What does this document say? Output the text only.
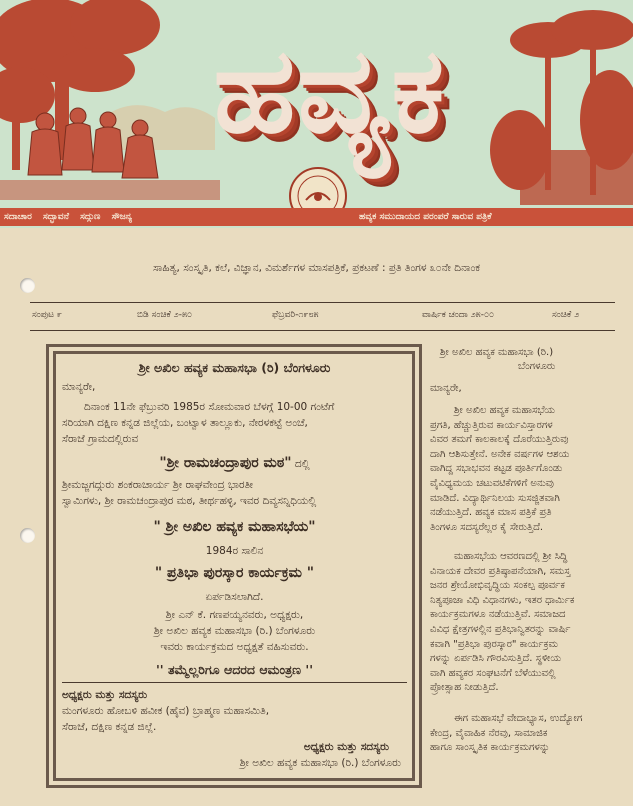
ಹವ್ಯಕ
ಸದಾಚಾರ ಸದ್ಭಾವನೆ ಸದ್ಗುಣ ಸೌಜನ್ಯ	ಹವ್ಯಕ ಸಮುದಾಯದ ಪರಂಪರೆ ಸಾರುವ ಪತ್ರಿಕೆ
ಸಾಹಿತ್ಯ, ಸಂಸ್ಕೃತಿ, ಕಲೆ, ವಿಜ್ಞಾನ, ವಿಮರ್ಶೆಗಳ ಮಾಸಪತ್ರಿಕೆ, ಪ್ರಕಟಣೆ : ಪ್ರತಿ ತಿಂಗಳ ೩೦ನೇ ದಿನಾಂಕ
ಸಂಪುಟ ೯	ಬಿಡಿ ಸಂಚಿಕೆ ೨-೫೦	ಫೆಬ್ರವರಿ-೧೯೮೫	ವಾರ್ಷಿಕ ಚಂದಾ ೨೫-೦೦	ಸಂಚಿಕೆ ೨
ಶ್ರೀ ಅಖಿಲ ಹವ್ಯಕ ಮಹಾಸಭಾ (ರಿ) ಬೆಂಗಳೂರು
ಮಾನ್ಯರೇ,
ದಿನಾಂಕ 11ನೇ ಫೆಬ್ರುವರಿ 1985ರ ಸೋಮವಾರ ಬೆಳಗ್ಗೆ 10-00 ಗಂಟೆಗೆ
ಸರಿಯಾಗಿ ದಕ್ಷಿಣ ಕನ್ನಡ ಜಿಲ್ಲೆಯ, ಬಂಟ್ವಾಳ ತಾಲ್ಲೂಕು, ನೇರಳಕಟ್ಟೆ ಅಂಚೆ,
ಸೆರಾಜೆ ಗ್ರಾಮದಲ್ಲಿರುವ
"ಶ್ರೀ ರಾಮಚಂದ್ರಾಪುರ ಮಠ" ದಲ್ಲಿ
ಶ್ರೀಮಜ್ಜಗದ್ಗುರು ಶಂಕರಾಚಾರ್ಯ ಶ್ರೀ ರಾಘವೇಂದ್ರ ಭಾರತೀ
ಸ್ವಾಮಿಗಳು, ಶ್ರೀ ರಾಮಚಂದ್ರಾಪುರ ಮಠ, ತೀರ್ಥಹಳ್ಳಿ, ಇವರ ದಿವ್ಯಸನ್ನಿಧಿಯಲ್ಲಿ
" ಶ್ರೀ ಅಖಿಲ ಹವ್ಯಕ ಮಹಾಸಭೆಯ"
1984ರ ಸಾಲಿನ
" ಪ್ರತಿಭಾ ಪುರಸ್ಕಾರ ಕಾರ್ಯಕ್ರಮ "
ಏರ್ಪಡಿಸಲಾಗಿದೆ.
ಶ್ರೀ ಎನ್ ಕೆ. ಗಣಪಯ್ಯನವರು, ಅಧ್ಯಕ್ಷರು,
ಶ್ರೀ ಅಖಿಲ ಹವ್ಯಕ ಮಹಾಸಭಾ (ರಿ.) ಬೆಂಗಳೂರು
ಇವರು ಕಾರ್ಯಕ್ರಮದ ಅಧ್ಯಕ್ಷತೆ ವಹಿಸುವರು.
'' ತಮ್ಮೆಲ್ಲರಿಗೂ ಆದರದ ಆಮಂತ್ರಣ ''
ಅಧ್ಯಕ್ಷರು ಮತ್ತು ಸದಸ್ಯರು
ಮಂಗಳೂರು ಹೋಬಳಿ ಹವೀಕ (ಹೈವ) ಬ್ರಾಹ್ಮಣ ಮಹಾಸಮಿತಿ,
ಸೆರಾಜೆ, ದಕ್ಷಿಣ ಕನ್ನಡ ಜಿಲ್ಲೆ.
ಅಧ್ಯಕ್ಷರು ಮತ್ತು ಸದಸ್ಯರು
ಶ್ರೀ ಅಖಿಲ ಹವ್ಯಕ ಮಹಾಸಭಾ (ರಿ.) ಬೆಂಗಳೂರು
ಶ್ರೀ ಅಖಿಲ ಹವ್ಯಕ ಮಹಾಸಭಾ (ರಿ.)
ಬೆಂಗಳೂರು
ಮಾನ್ಯರೇ,
ಶ್ರೀ ಅಖಿಲ ಹವ್ಯಕ ಮಹಾಸಭೆಯ
ಪ್ರಗತಿ, ಹೆಚ್ಚುತ್ತಿರುವ ಕಾರ್ಯವಿಸ್ತಾರಗಳ
ವಿವರ ತಮಗೆ ಕಾಲಕಾಲಕ್ಕೆ ದೊರೆಯುತ್ತಿರುವು
ದಾಗಿ ಆಶಿಸುತ್ತೇನೆ. ಅನೇಕ ವರ್ಷಗಳ ಆಶಯ
ವಾಗಿದ್ದ ಸಭಾಭವನ ಕಟ್ಟಡ ಪೂರ್ತಿಗೊಂಡು
ವೈವಿಧ್ಯಮಯ ಚಟುವಟಿಕೆಗಳಿಗೆ ಅನುವು
ಮಾಡಿದೆ. ವಿದ್ಯಾರ್ಥಿನಿಲಯ ಸುಸಜ್ಜಿತವಾಗಿ
ನಡೆಯುತ್ತಿದೆ. ಹವ್ಯಕ ಮಾಸ ಪತ್ರಿಕೆ ಪ್ರತಿ
ತಿಂಗಳೂ ಸದಸ್ಯರೆಲ್ಲರ ಕೈ ಸೇರುತ್ತಿದೆ.
ಮಹಾಸಭೆಯ ಆವರಣದಲ್ಲಿ ಶ್ರೀ ಸಿದ್ಧಿ
ವಿನಾಯಕ ದೇವರ ಪ್ರತಿಷ್ಠಾಪನೆಯಾಗಿ, ಸಮಸ್ತ
ಜನರ ಶ್ರೇಯೋಭಿವೃದ್ಧಿಯ ಸಂಕಲ್ಪ ಪೂರ್ವಕ
ನಿತ್ಯಪೂಜಾ ವಿಧಿ ವಿಧಾನಗಳು, ಇತರ ಧಾರ್ಮಿಕ
ಕಾರ್ಯಕ್ರಮಗಳೂ ನಡೆಯುತ್ತಿವೆ. ಸಮಾಜದ
ವಿವಿಧ ಕ್ಷೇತ್ರಗಳಲ್ಲಿನ ಪ್ರತಿಭಾನ್ವಿತರನ್ನು ವಾರ್ಷಿ
ಕವಾಗಿ "ಪ್ರತಿಭಾ ಪುರಸ್ಕಾರ" ಕಾರ್ಯಕ್ರಮ
ಗಳನ್ನು ಏರ್ಪಡಿಸಿ ಗೌರವಿಸುತ್ತಿದೆ. ಸ್ಥಳೀಯ
ವಾಗಿ ಹವ್ಯಕರ ಸಂಘಟನೆಗೆ ಬೆಳೆಯುವಲ್ಲಿ
ಪ್ರೋತ್ಸಾಹ ನೀಡುತ್ತಿದೆ.
ಈಗ ಮಹಾಸಭೆ ವೇದಾಭ್ಯಾಸ, ಉದ್ಯೋಗ
ಕೇಂದ್ರ, ವೈವಾಹಿಕ ನೆರವು, ಸಾಮಾಜಿಕ
ಹಾಗೂ ಸಾಂಸ್ಕೃತಿಕ ಕಾರ್ಯಕ್ರಮಗಳನ್ನು
